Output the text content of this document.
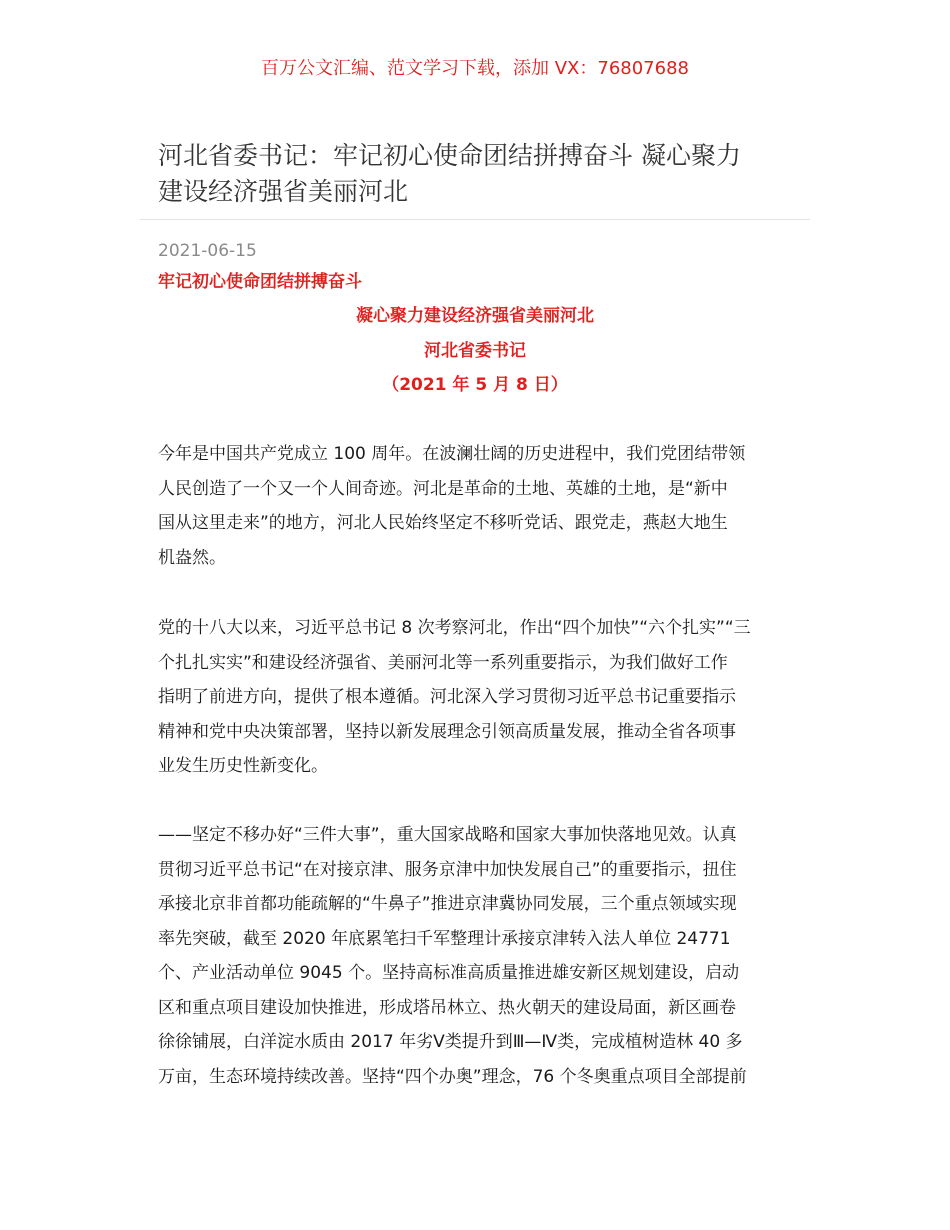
百万公文汇编、范文学习下载，添加 VX：76807688
河北省委书记：牢记初心使命团结拼搏奋斗 凝心聚力
建设经济强省美丽河北
2021-06-15
牢记初心使命团结拼搏奋斗
凝心聚力建设经济强省美丽河北
河北省委书记
（2021 年 5 月 8 日）
今年是中国共产党成立 100 周年。在波澜壮阔的历史进程中，我们党团结带领
人民创造了一个又一个人间奇迹。河北是革命的土地、英雄的土地，是“新中
国从这里走来”的地方，河北人民始终坚定不移听党话、跟党走，燕赵大地生
机盎然。
党的十八大以来，习近平总书记 8 次考察河北，作出“四个加快”“六个扎实”“三
个扎扎实实”和建设经济强省、美丽河北等一系列重要指示，为我们做好工作
指明了前进方向，提供了根本遵循。河北深入学习贯彻习近平总书记重要指示
精神和党中央决策部署，坚持以新发展理念引领高质量发展，推动全省各项事
业发生历史性新变化。
——坚定不移办好“三件大事”，重大国家战略和国家大事加快落地见效。认真
贯彻习近平总书记“在对接京津、服务京津中加快发展自己”的重要指示，扭住
承接北京非首都功能疏解的“牛鼻子”推进京津冀协同发展，三个重点领域实现
率先突破，截至 2020 年底累笔扫千军整理计承接京津转入法人单位 24771
个、产业活动单位 9045 个。坚持高标准高质量推进雄安新区规划建设，启动
区和重点项目建设加快推进，形成塔吊林立、热火朝天的建设局面，新区画卷
徐徐铺展，白洋淀水质由 2017 年劣Ⅴ类提升到Ⅲ—Ⅳ类，完成植树造林 40 多
万亩，生态环境持续改善。坚持“四个办奥”理念，76 个冬奥重点项目全部提前
